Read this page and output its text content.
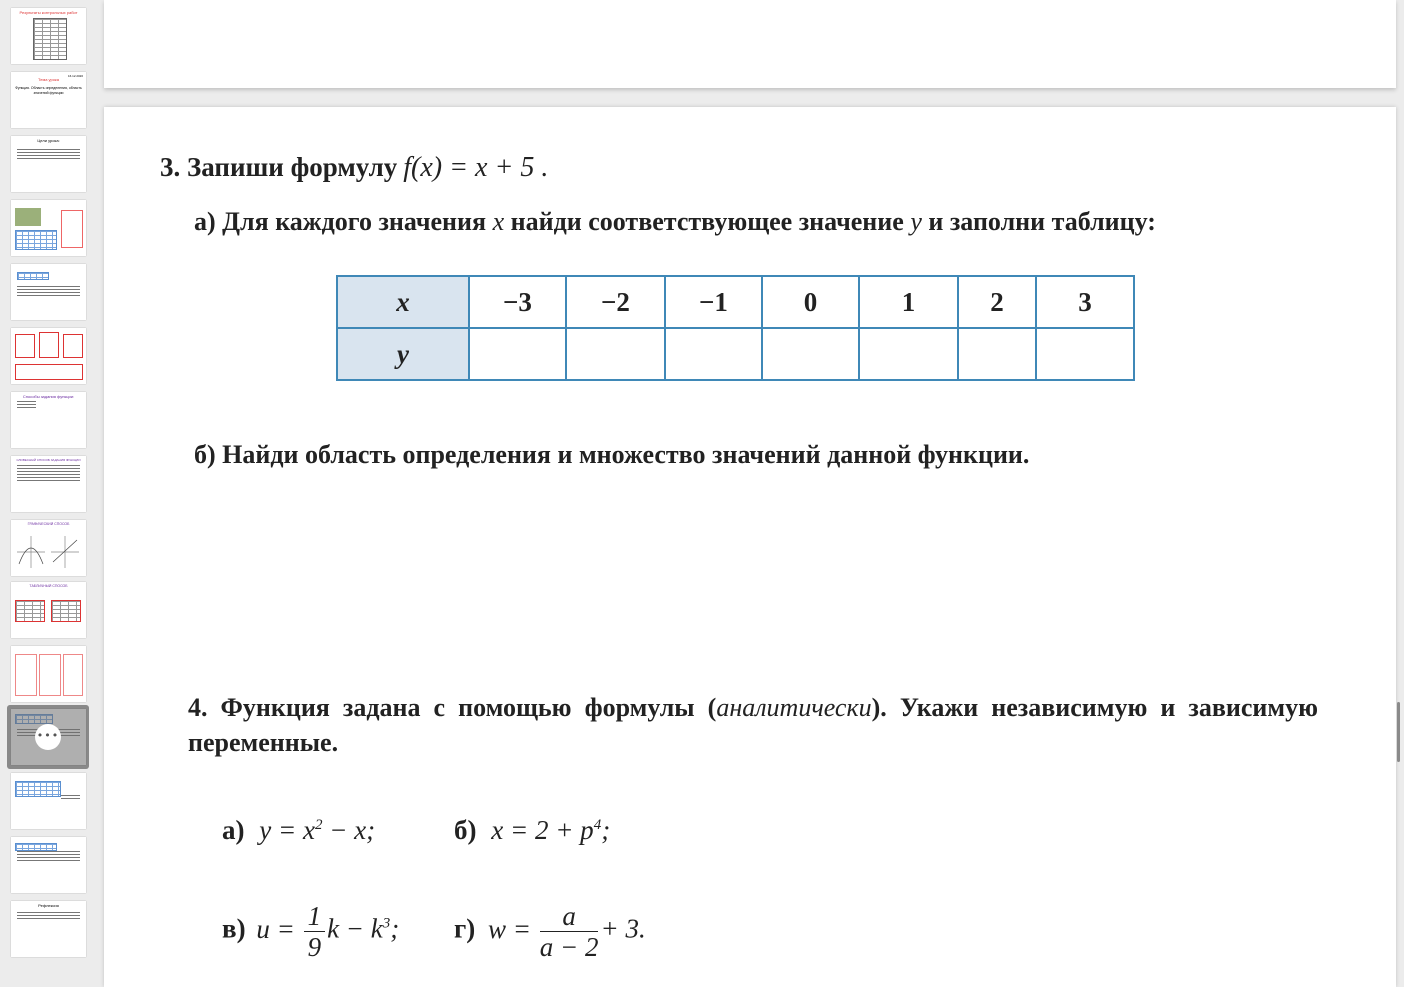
Результаты контрольных работ
Тема урока
16.12.2020
Функция. Область определения, область значений функции
Цели урока:
Способы задания функции:
СЛОВЕСНЫЙ СПОСОБ ЗАДАНИЯ ФУНКЦИИ
ГРАФИЧЕСКИЙ СПОСОБ
ТАБЛИЧНЫЙ СПОСОБ
•••
Рефлексия
3. Запиши формулу f(x) = x + 5 .
а) Для каждого значения x найди соответствующее значение y и заполни таблицу:
x	−3	−2	−1	0	1	2	3
y							
б) Найди область определения и множество значений данной функции.
4. Функция задана с помощью формулы (аналитически). Укажи независимую и зависимую переменные.
а) $y = x^2 - x$;	б) $x = 2 + p^4$;
в) $u = \frac{1}{9}$ $k - k^3$; г) $w = \frac{a}{a - 2} + 3$.
